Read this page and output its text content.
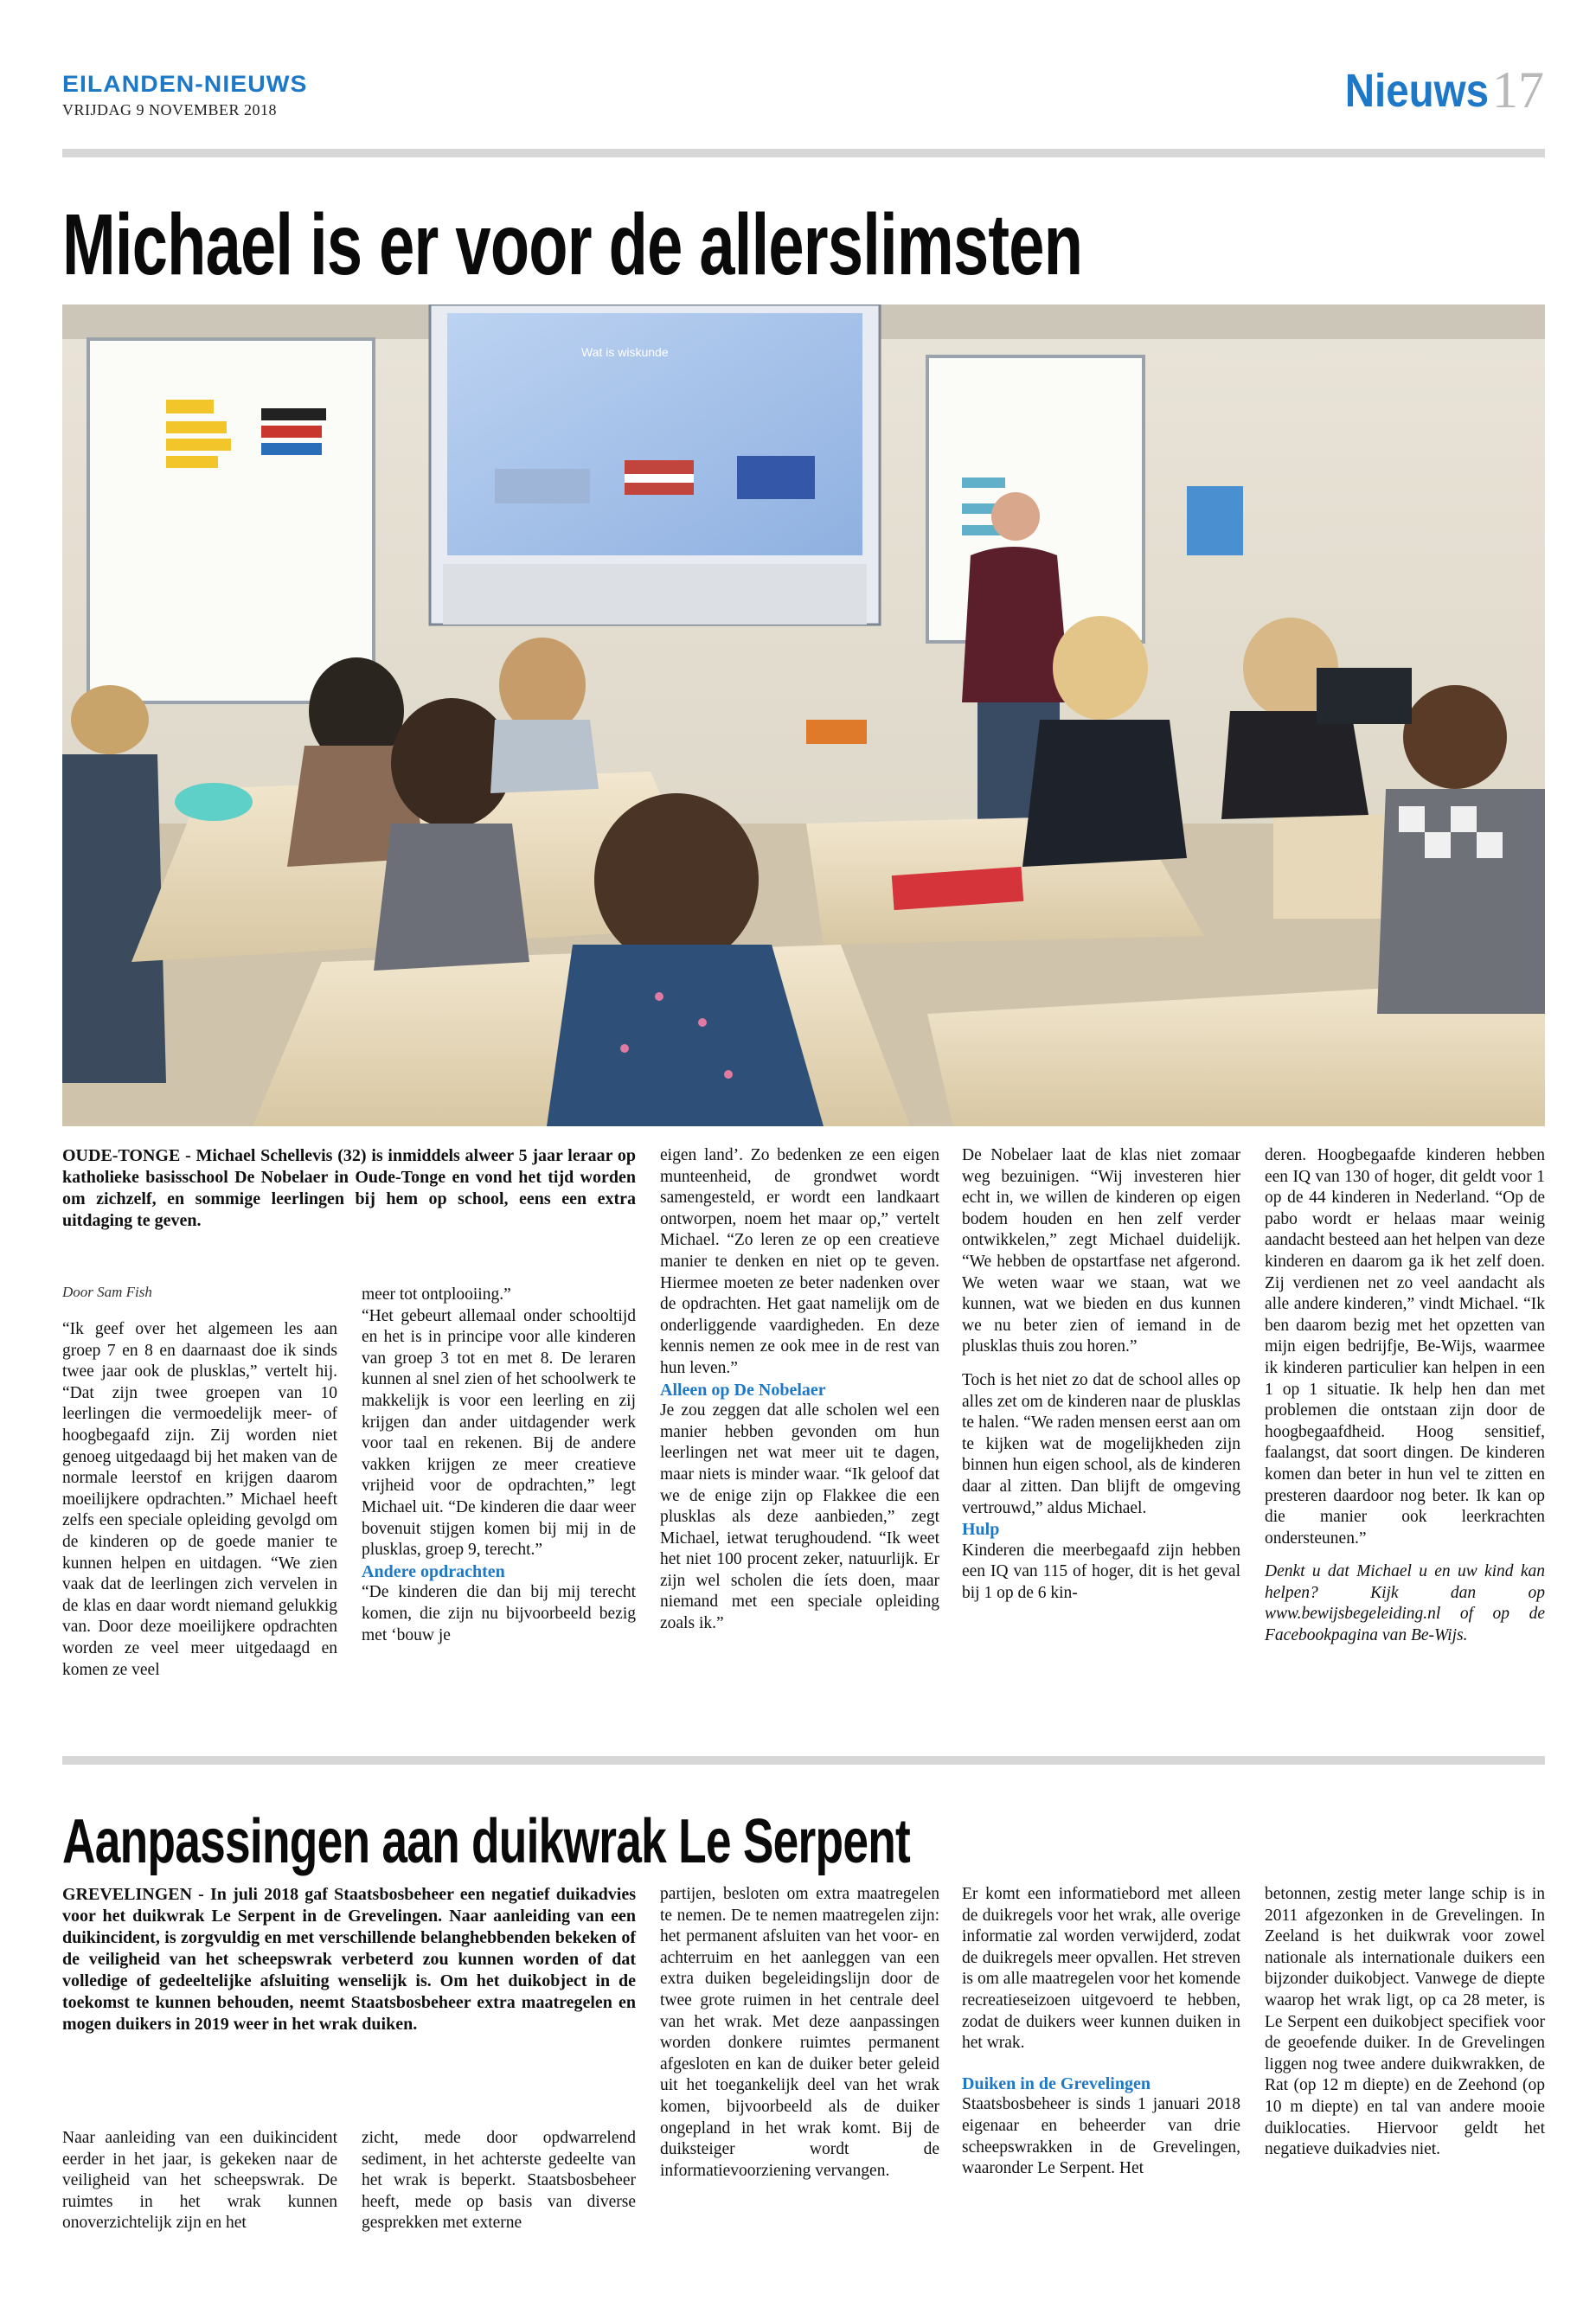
EILANDEN-NIEUWS
VRIJDAG 9 NOVEMBER 2018	Nieuws 17
Michael is er voor de allerslimsten
Wat is wiskunde
OUDE-TONGE - Michael Schellevis (32) is inmiddels alweer 5 jaar leraar op katholieke basisschool De Nobelaer in Oude-Tonge en vond het tijd worden om zichzelf, en sommige leerlingen bij hem op school, eens een extra uitdaging te geven.
Door Sam Fish

“Ik geef over het algemeen les aan groep 7 en 8 en daarnaast doe ik sinds twee jaar ook de plusklas,” vertelt hij. “Dat zijn twee groepen van 10 leerlingen die vermoedelijk meer- of hoogbegaafd zijn. Zij worden niet genoeg uitgedaagd bij het maken van de normale leerstof en krijgen daarom moeilijkere opdrachten.” Michael heeft zelfs een speciale opleiding gevolgd om de kinderen op de goede manier te kunnen helpen en uitdagen. “We zien vaak dat de leerlingen zich vervelen in de klas en daar wordt niemand gelukkig van. Door deze moeilijkere opdrachten worden ze veel meer uitgedaagd en komen ze veel

meer tot ontplooiing.”

“Het gebeurt allemaal onder schooltijd en het is in principe voor alle kinderen van groep 3 tot en met 8. De leraren kunnen al snel zien of het schoolwerk te makkelijk is voor een leerling en zij krijgen dan ander uitdagender werk voor taal en rekenen. Bij de andere vakken krijgen ze meer creatieve vrijheid voor de opdrachten,” legt Michael uit. “De kinderen die daar weer bovenuit stijgen komen bij mij in de plusklas, groep 9, terecht.”

Andere opdrachten

“De kinderen die dan bij mij terecht komen, die zijn nu bijvoorbeeld bezig met ‘bouw je

eigen land’. Zo bedenken ze een eigen munteenheid, de grondwet wordt samengesteld, er wordt een landkaart ontworpen, noem het maar op,” vertelt Michael. “Zo leren ze op een creatieve manier te denken en niet op te geven. Hiermee moeten ze beter nadenken over de opdrachten. Het gaat namelijk om de onderliggende vaardigheden. En deze kennis nemen ze ook mee in de rest van hun leven.”

Alleen op De Nobelaer

Je zou zeggen dat alle scholen wel een manier hebben gevonden om hun leerlingen net wat meer uit te dagen, maar niets is minder waar. “Ik geloof dat we de enige zijn op Flakkee die een plusklas als deze aanbieden,” zegt Michael, ietwat terughoudend. “Ik weet het niet 100 procent zeker, natuurlijk. Er zijn wel scholen die íets doen, maar niemand met een speciale opleiding zoals ik.”

De Nobelaer laat de klas niet zomaar weg bezuinigen. “Wij investeren hier echt in, we willen de kinderen op eigen bodem houden en hen zelf verder ontwikkelen,” zegt Michael duidelijk. “We hebben de opstartfase net afgerond. We weten waar we staan, wat we kunnen, wat we bieden en dus kunnen we nu beter zien of iemand in de plusklas thuis zou horen.”

Toch is het niet zo dat de school alles op alles zet om de kinderen naar de plusklas te halen. “We raden mensen eerst aan om te kijken wat de mogelijkheden zijn binnen hun eigen school, als de kinderen daar al zitten. Dan blijft de omgeving vertrouwd,” aldus Michael.

Hulp

Kinderen die meerbegaafd zijn hebben een IQ van 115 of hoger, dit is het geval bij 1 op de 6 kin-

deren. Hoogbegaafde kinderen hebben een IQ van 130 of hoger, dit geldt voor 1 op de 44 kinderen in Nederland. “Op de pabo wordt er helaas maar weinig aandacht besteed aan het helpen van deze kinderen en daarom ga ik het zelf doen. Zij verdienen net zo veel aandacht als alle andere kinderen,” vindt Michael. “Ik ben daarom bezig met het opzetten van mijn eigen bedrijfje, Be-Wijs, waarmee ik kinderen particulier kan helpen in een 1 op 1 situatie. Ik help hen dan met problemen die ontstaan zijn door de hoogbegaafdheid. Hoog sensitief, faalangst, dat soort dingen. De kinderen komen dan beter in hun vel te zitten en presteren daardoor nog beter. Ik kan op die manier ook leerkrachten ondersteunen.”

Denkt u dat Michael u en uw kind kan helpen? Kijk dan op www.bewijsbegeleiding.nl of op de Facebookpagina van Be-Wijs.

Aanpassingen aan duikwrak Le Serpent
GREVELINGEN - In juli 2018 gaf Staatsbosbeheer een negatief duikadvies voor het duikwrak Le Serpent in de Grevelingen. Naar aanleiding van een duikincident, is zorgvuldig en met verschillende belanghebbenden bekeken of de veiligheid van het scheepswrak verbeterd zou kunnen worden of dat volledige of gedeeltelijke afsluiting wenselijk is. Om het duikobject in de toekomst te kunnen behouden, neemt Staatsbosbeheer extra maatregelen en mogen duikers in 2019 weer in het wrak duiken.

Naar aanleiding van een duikincident eerder in het jaar, is gekeken naar de veiligheid van het scheepswrak. De ruimtes in het wrak kunnen onoverzichtelijk zijn en het

zicht, mede door opdwarrelend sediment, in het achterste gedeelte van het wrak is beperkt. Staatsbosbeheer heeft, mede op basis van diverse gesprekken met externe

partijen, besloten om extra maatregelen te nemen. De te nemen maatregelen zijn: het permanent afsluiten van het voor- en achterruim en het aanleggen van een extra duiken begeleidingslijn door de twee grote ruimen in het centrale deel van het wrak. Met deze aanpassingen worden donkere ruimtes permanent afgesloten en kan de duiker beter geleid uit het toegankelijk deel van het wrak komen, bijvoorbeeld als de duiker ongepland in het wrak komt. Bij de duiksteiger wordt de informatievoorziening vervangen.

Er komt een informatiebord met alleen de duikregels voor het wrak, alle overige informatie zal worden verwijderd, zodat de duikregels meer opvallen. Het streven is om alle maatregelen voor het komende recreatieseizoen uitgevoerd te hebben, zodat de duikers weer kunnen duiken in het wrak.

Duiken in de Grevelingen

Staatsbosbeheer is sinds 1 januari 2018 eigenaar en beheerder van drie scheepswrakken in de Grevelingen, waaronder Le Serpent. Het

betonnen, zestig meter lange schip is in 2011 afgezonken in de Grevelingen. In Zeeland is het duikwrak voor zowel nationale als internationale duikers een bijzonder duikobject. Vanwege de diepte waarop het wrak ligt, op ca 28 meter, is Le Serpent een duikobject specifiek voor de geoefende duiker. In de Grevelingen liggen nog twee andere duikwrakken, de Rat (op 12 m diepte) en de Zeehond (op 10 m diepte) en tal van andere mooie duiklocaties. Hiervoor geldt het negatieve duikadvies niet.
